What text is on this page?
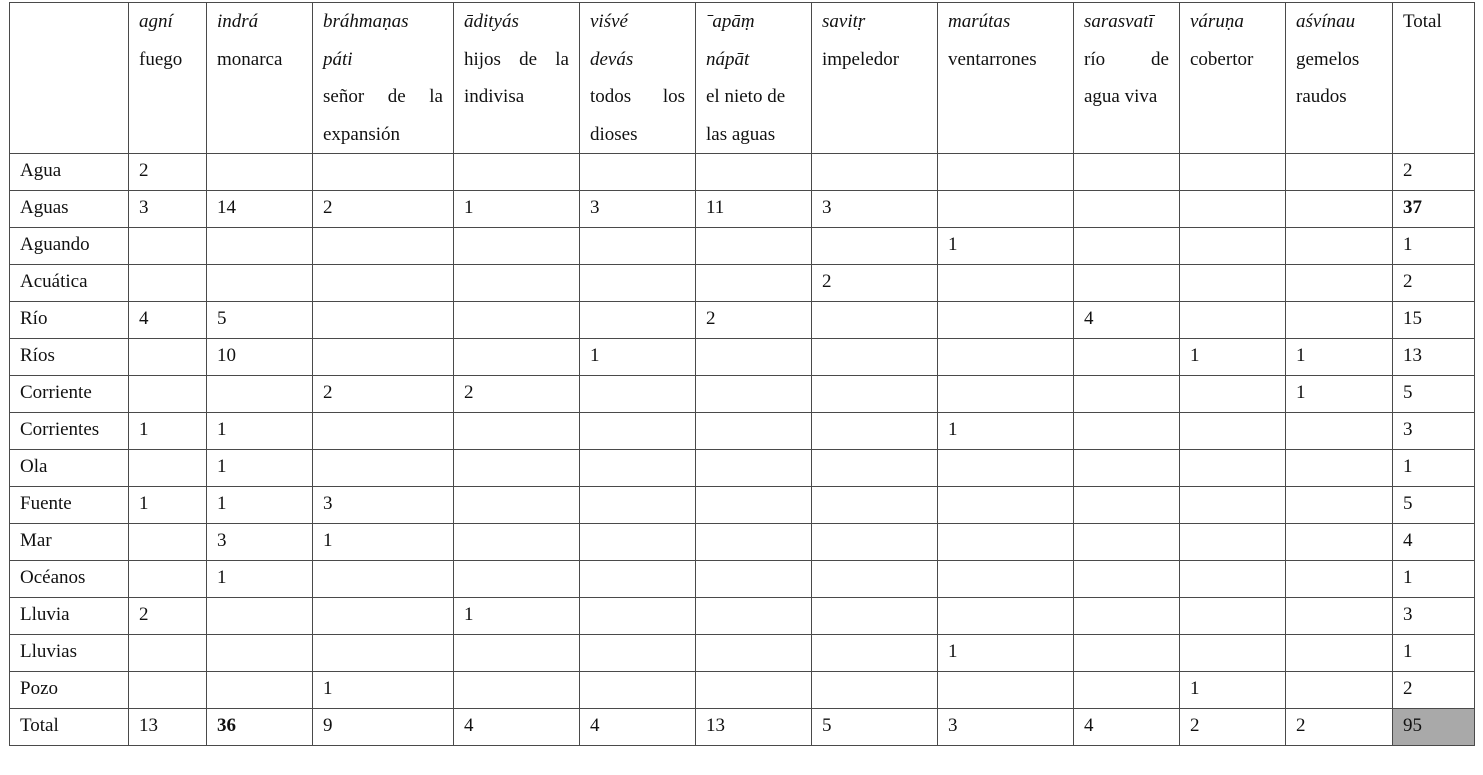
	agní
fuego	indrá
monarca	bráhmaṇas
páti
señor de la
expansión	ādityás
hijos de la
indivisa	viśvé
devás
todos los
dioses	ˉapāṃ
nápāt
el nieto de
las aguas	savitṛ
impeledor	marútas
ventarrones	sarasvatī
río de
agua viva	váruṇa
cobertor	aśvínau
gemelos
raudos	Total

Agua	2											2
Aguas	3	14	2	1	3	11	3					37
Aguando								1				1
Acuática							2					2
Río	4	5				2			4			15
Ríos		10			1					1	1	13
Corriente			2	2							1	5
Corrientes	1	1						1				3
Ola		1										1
Fuente	1	1	3									5
Mar		3	1									4
Océanos		1										1
Lluvia	2			1								3
Lluvias								1				1
Pozo			1							1		2
Total	13	36	9	4	4	13	5	3	4	2	2	95
